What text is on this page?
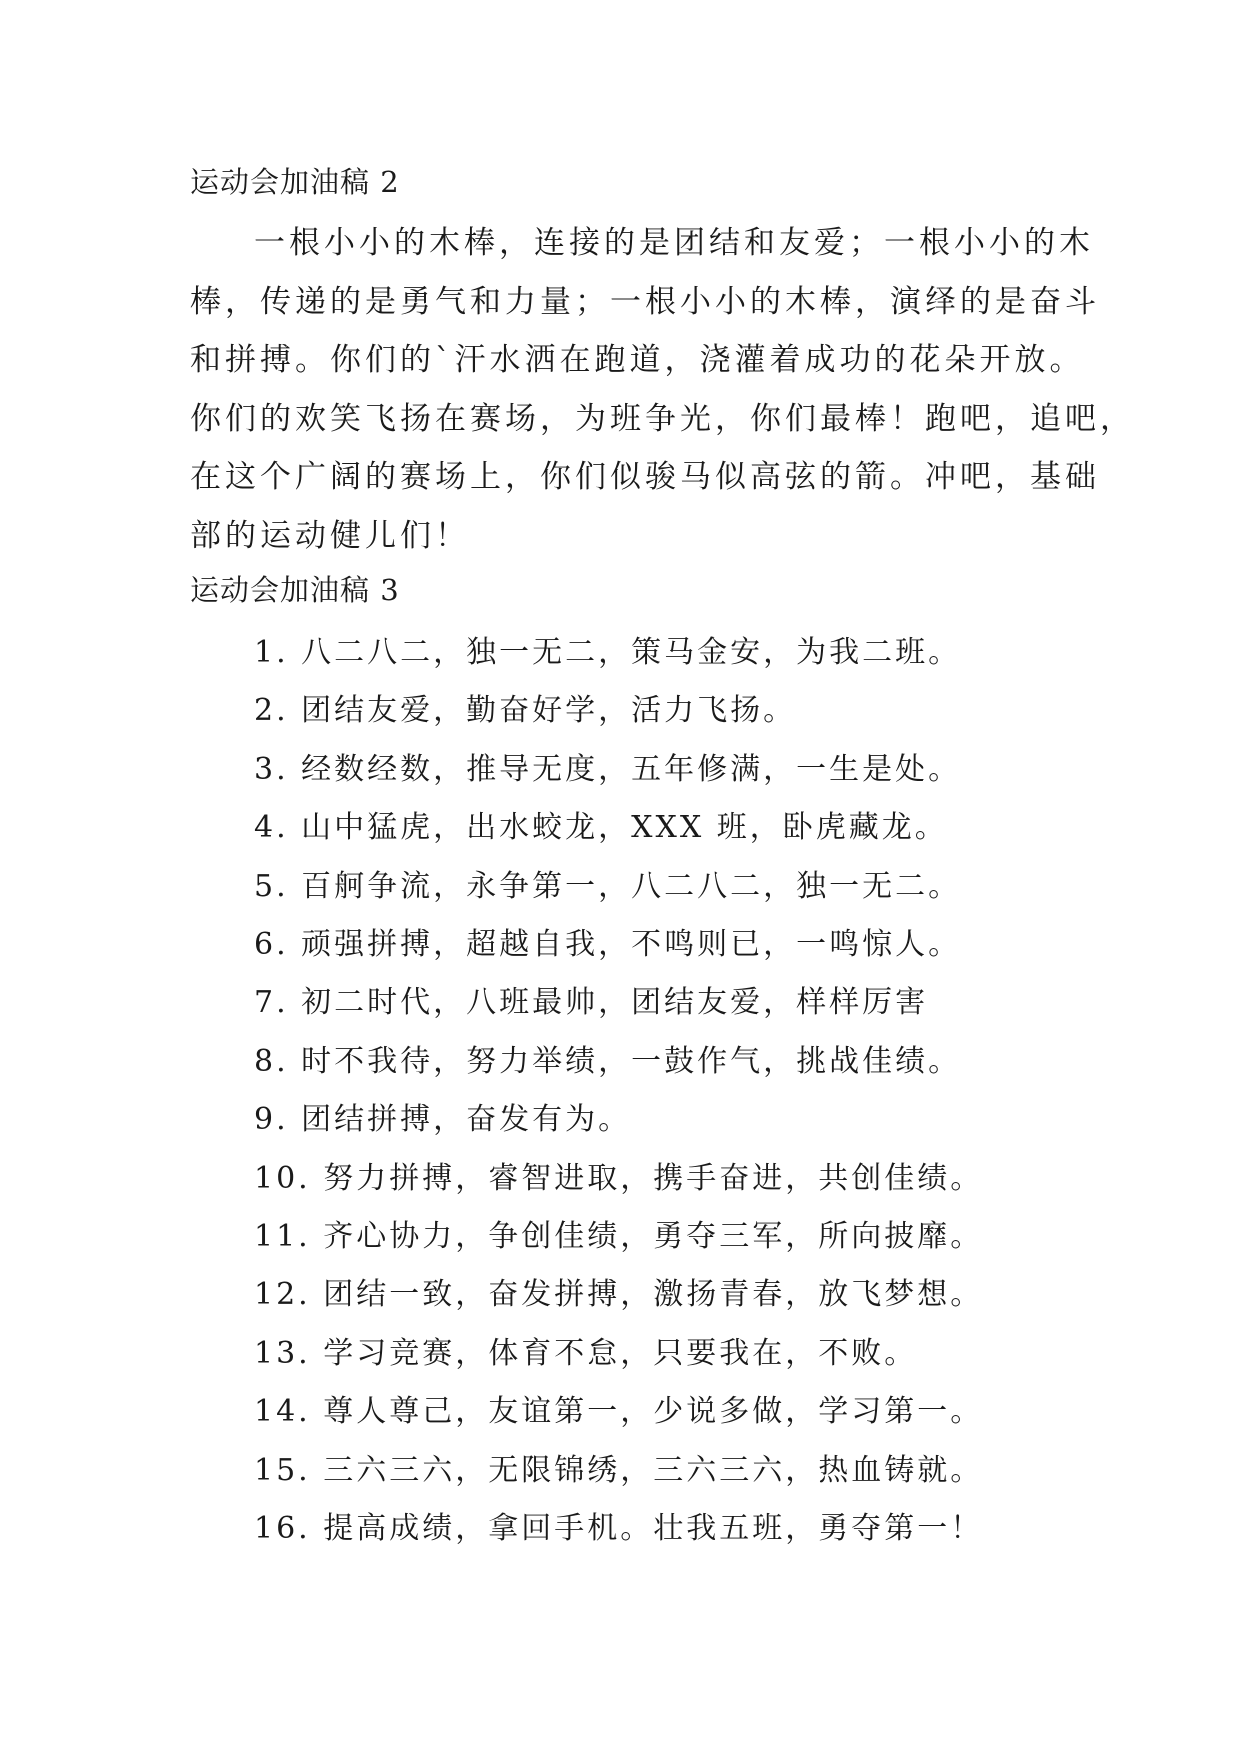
运动会加油稿 2
一根小小的木棒，连接的是团结和友爱；一根小小的木
棒，传递的是勇气和力量；一根小小的木棒，演绎的是奋斗
和拼搏。你们的`汗水洒在跑道，浇灌着成功的花朵开放。
你们的欢笑飞扬在赛场，为班争光，你们最棒！跑吧，追吧，
在这个广阔的赛场上，你们似骏马似高弦的箭。冲吧，基础
部的运动健儿们！
运动会加油稿 3
1. 八二八二，独一无二，策马金安，为我二班。
2. 团结友爱，勤奋好学，活力飞扬。
3. 经数经数，推导无度，五年修满，一生是处。
4. 山中猛虎，出水蛟龙，XXX 班，卧虎藏龙。
5. 百舸争流，永争第一，八二八二，独一无二。
6. 顽强拼搏，超越自我，不鸣则已，一鸣惊人。
7. 初二时代，八班最帅，团结友爱，样样厉害
8. 时不我待，努力举绩，一鼓作气，挑战佳绩。
9. 团结拼搏，奋发有为。
10. 努力拼搏，睿智进取，携手奋进，共创佳绩。
11. 齐心协力，争创佳绩，勇夺三军，所向披靡。
12. 团结一致，奋发拼搏，激扬青春，放飞梦想。
13. 学习竞赛，体育不怠，只要我在，不败。
14. 尊人尊己，友谊第一，少说多做，学习第一。
15. 三六三六，无限锦绣，三六三六，热血铸就。
16. 提高成绩，拿回手机。壮我五班，勇夺第一！
